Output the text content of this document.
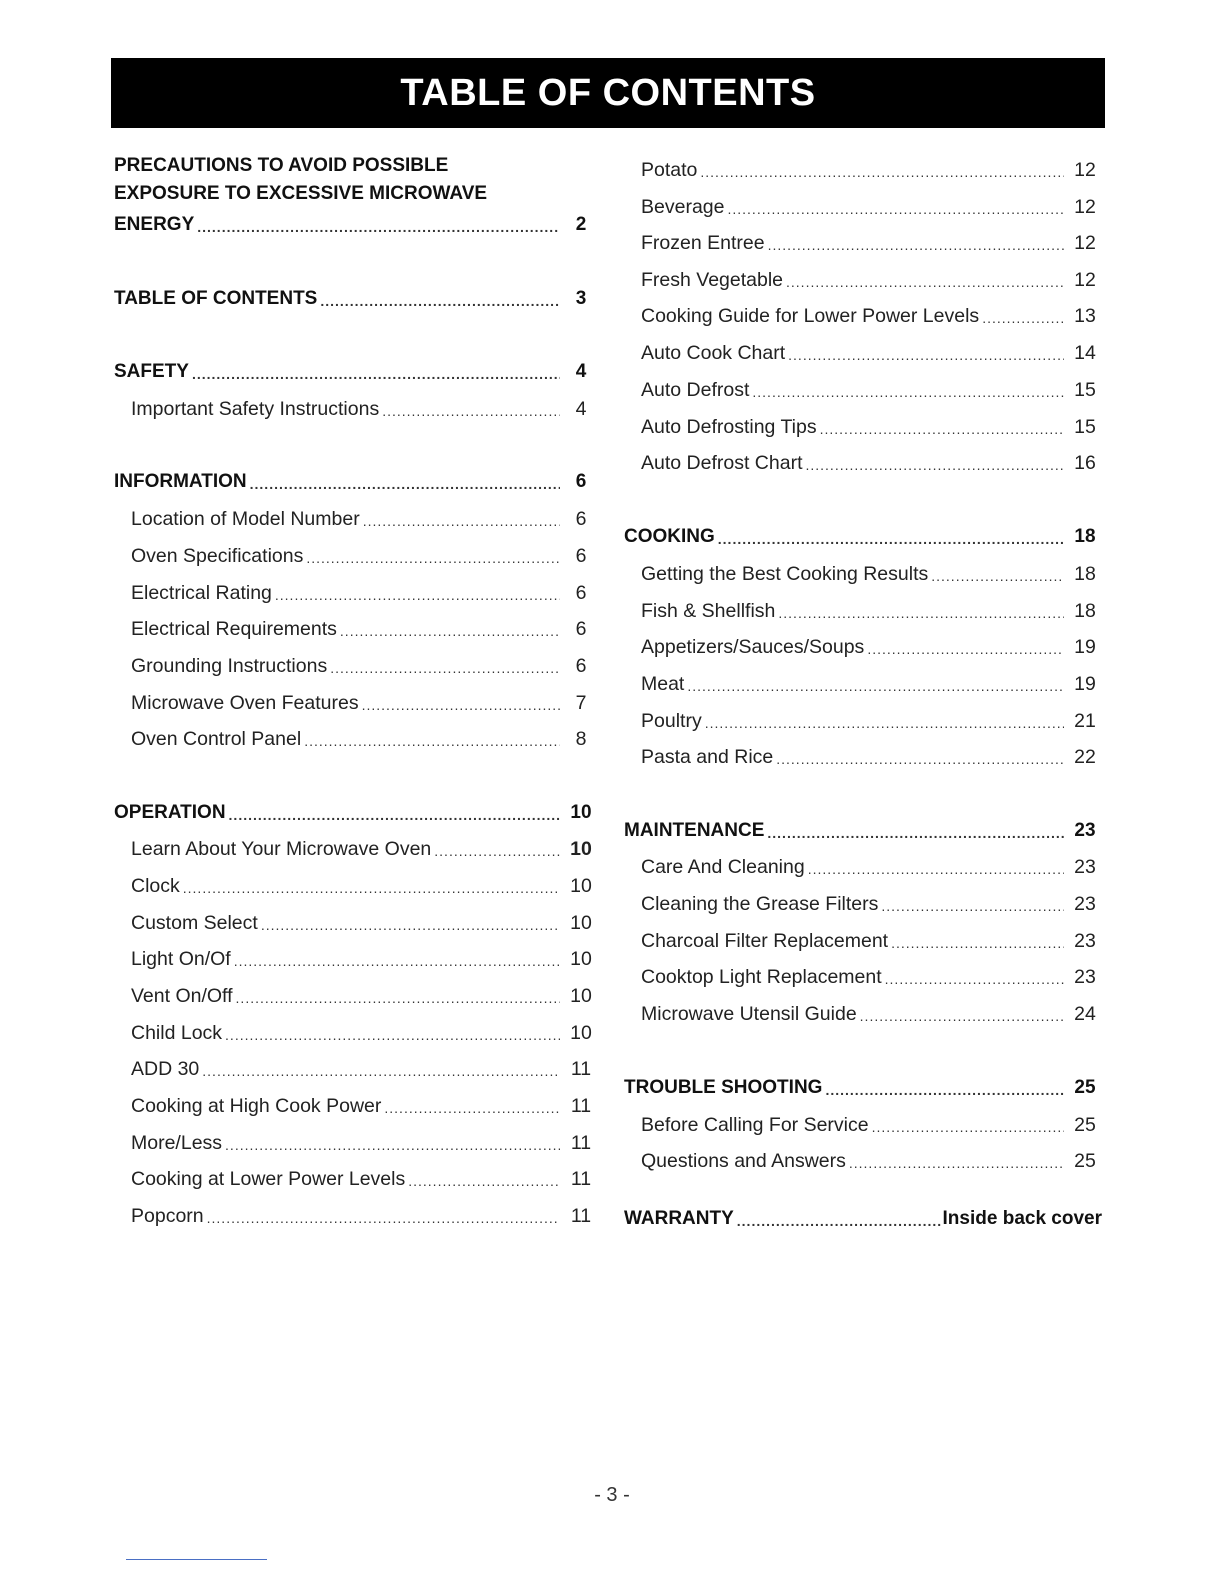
TABLE OF CONTENTS
PRECAUTIONS TO AVOID POSSIBLE
EXPOSURE TO EXCESSIVE MICROWAVE
ENERGY .....	2
TABLE OF CONTENTS .....	3
SAFETY .....	4
Important Safety Instructions .....	4
INFORMATION .....	6
Location of Model Number .....	6
Oven Specifications .....	6
Electrical Rating .....	6
Electrical Requirements .....	6
Grounding Instructions .....	6
Microwave Oven Features .....	7
Oven Control Panel .....	8
OPERATION .....	10
Learn About Your Microwave Oven .....	10
Clock .....	10
Custom Select .....	10
Light On/Of .....	10
Vent On/Off .....	10
Child Lock .....	10
ADD 30 .....	11
Cooking at High Cook Power .....	11
More/Less .....	11
Cooking at Lower Power Levels .....	11
Popcorn .....	11
Potato .....	12
Beverage .....	12
Frozen Entree .....	12
Fresh Vegetable .....	12
Cooking Guide for Lower Power Levels .....	13
Auto Cook Chart .....	14
Auto Defrost .....	15
Auto Defrosting Tips .....	15
Auto Defrost Chart .....	16
COOKING .....	18
Getting the Best Cooking Results .....	18
Fish & Shellfish .....	18
Appetizers/Sauces/Soups .....	19
Meat .....	19
Poultry .....	21
Pasta and Rice .....	22
MAINTENANCE .....	23
Care And Cleaning .....	23
Cleaning the Grease Filters .....	23
Charcoal Filter Replacement .....	23
Cooktop Light Replacement .....	23
Microwave Utensil Guide .....	24
TROUBLE SHOOTING .....	25
Before Calling For Service .....	25
Questions and Answers .....	25
WARRANTY .....	Inside back cover
- 3 -
